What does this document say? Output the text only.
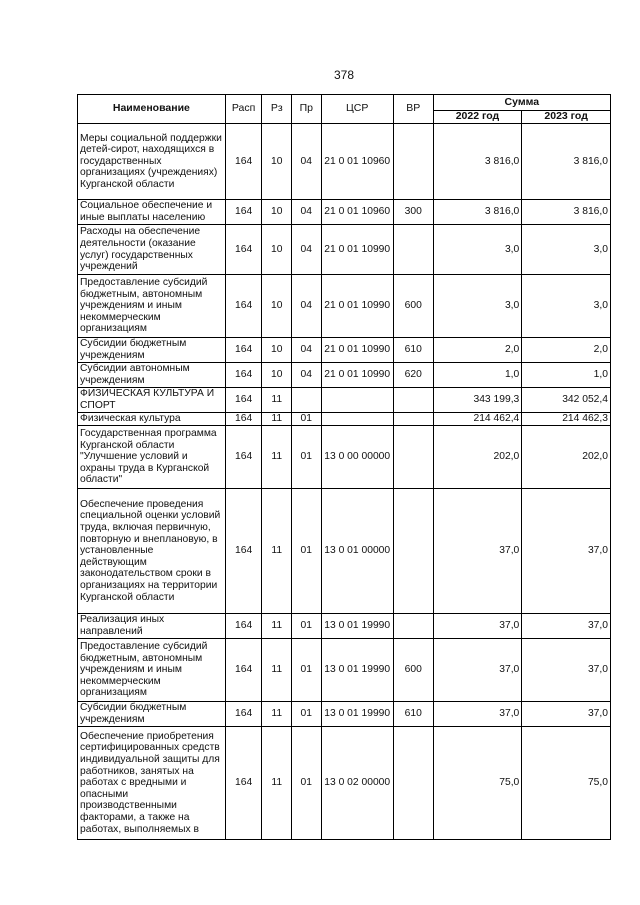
378
Наименование	Расп	Рз	Пр	ЦСР	ВР	Сумма	
						2022 год	2023 год
Меры социальной поддержки детей-сирот, находящихся в государственных организациях (учреждениях) Курганской области	164	10	04	21 0 01 10960		3 816,0	3 816,0
Социальное обеспечение и иные выплаты населению	164	10	04	21 0 01 10960	300	3 816,0	3 816,0
Расходы на обеспечение деятельности (оказание услуг) государственных учреждений	164	10	04	21 0 01 10990		3,0	3,0
Предоставление субсидий бюджетным, автономным учреждениям и иным некоммерческим организациям	164	10	04	21 0 01 10990	600	3,0	3,0
Субсидии бюджетным учреждениям	164	10	04	21 0 01 10990	610	2,0	2,0
Субсидии автономным учреждениям	164	10	04	21 0 01 10990	620	1,0	1,0
ФИЗИЧЕСКАЯ КУЛЬТУРА И СПОРТ	164	11				343 199,3	342 052,4
Физическая культура	164	11	01			214 462,4	214 462,3
Государственная программа Курганской области "Улучшение условий и охраны труда в Курганской области"	164	11	01	13 0 00 00000		202,0	202,0
Обеспечение проведения специальной оценки условий труда, включая первичную, повторную и внеплановую, в установленные действующим законодательством сроки в организациях на территории Курганской области	164	11	01	13 0 01 00000		37,0	37,0
Реализация иных направлений	164	11	01	13 0 01 19990		37,0	37,0
Предоставление субсидий бюджетным, автономным учреждениям и иным некоммерческим организациям	164	11	01	13 0 01 19990	600	37,0	37,0
Субсидии бюджетным учреждениям	164	11	01	13 0 01 19990	610	37,0	37,0
Обеспечение приобретения сертифицированных средств индивидуальной защиты для работников, занятых на работах с вредными и опасными производственными факторами, а также на работах, выполняемых в	164	11	01	13 0 02 00000		75,0	75,0
